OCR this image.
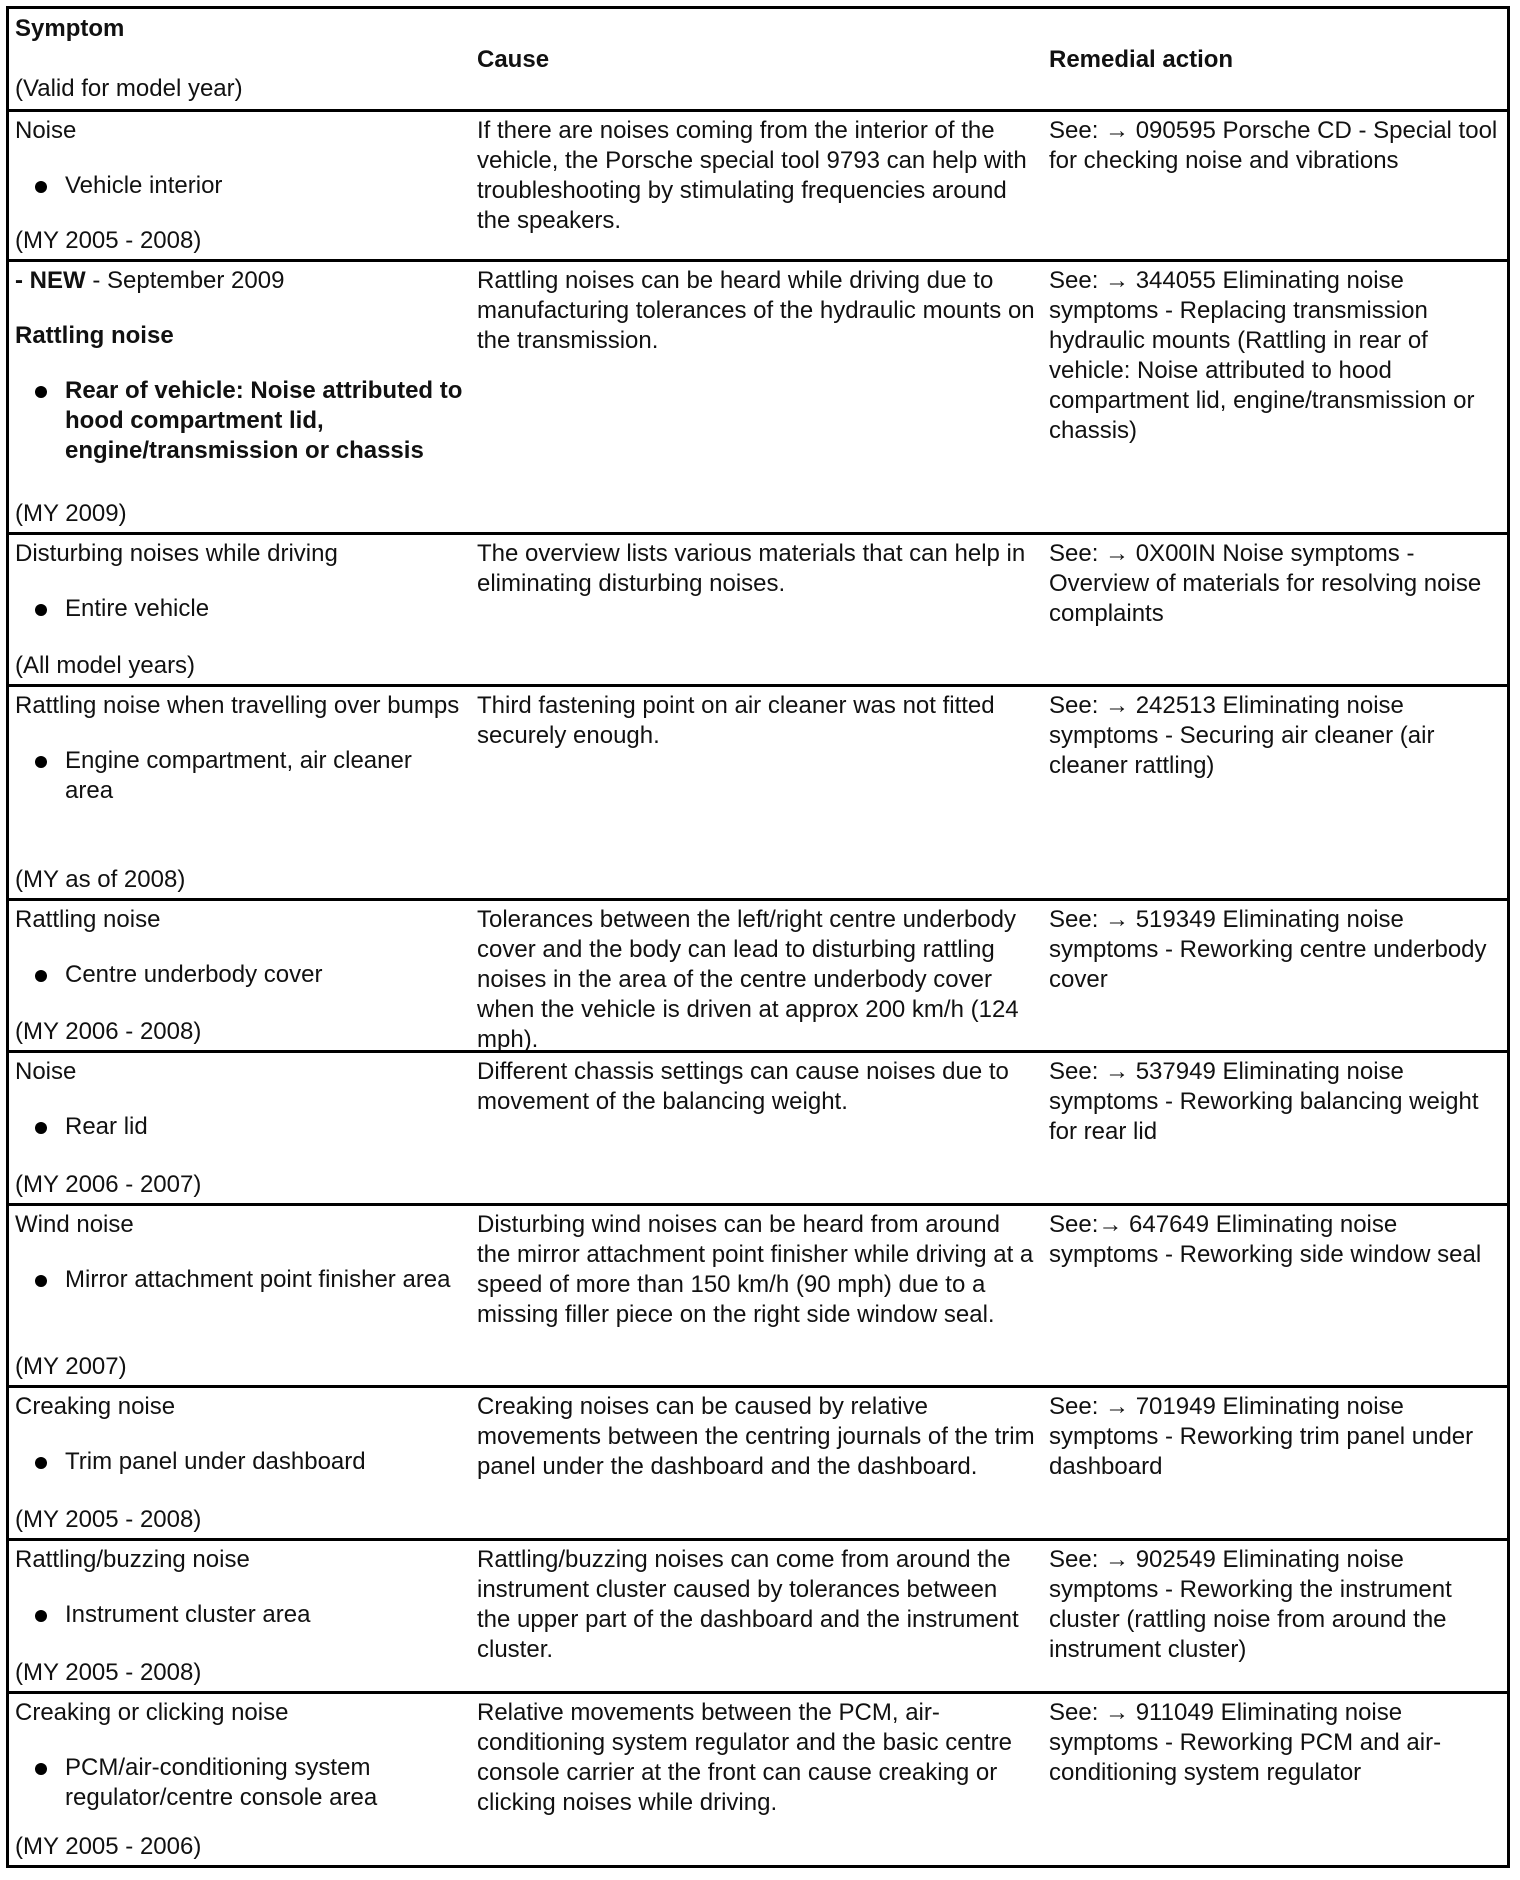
Symptom
(Valid for model year)
Cause	Remedial action
Noise
Vehicle interior
(MY 2005 - 2008)
If there are noises coming from the interior of the vehicle, the Porsche special tool 9793 can help with troubleshooting by stimulating frequencies around the speakers.
See: → 090595 Porsche CD - Special tool for checking noise and vibrations
- NEW - September 2009
Rattling noise
Rear of vehicle: Noise attributed to hood compartment lid, engine/transmission or chassis
(MY 2009)
Rattling noises can be heard while driving due to manufacturing tolerances of the hydraulic mounts on the transmission.
See: → 344055 Eliminating noise symptoms - Replacing transmission hydraulic mounts (Rattling in rear of vehicle: Noise attributed to hood compartment lid, engine/transmission or chassis)
Disturbing noises while driving
Entire vehicle
(All model years)
The overview lists various materials that can help in eliminating disturbing noises.
See: → 0X00IN Noise symptoms - Overview of materials for resolving noise complaints
Rattling noise when travelling over bumps
Engine compartment, air cleaner area
(MY as of 2008)
Third fastening point on air cleaner was not fitted securely enough.
See: → 242513 Eliminating noise symptoms - Securing air cleaner (air cleaner rattling)
Rattling noise
Centre underbody cover
(MY 2006 - 2008)
Tolerances between the left/right centre underbody cover and the body can lead to disturbing rattling noises in the area of the centre underbody cover when the vehicle is driven at approx 200 km/h (124 mph).
See: → 519349 Eliminating noise symptoms - Reworking centre underbody cover
Noise
Rear lid
(MY 2006 - 2007)
Different chassis settings can cause noises due to movement of the balancing weight.
See: → 537949 Eliminating noise symptoms - Reworking balancing weight for rear lid
Wind noise
Mirror attachment point finisher area
(MY 2007)
Disturbing wind noises can be heard from around the mirror attachment point finisher while driving at a speed of more than 150 km/h (90 mph) due to a missing filler piece on the right side window seal.
See:→ 647649 Eliminating noise symptoms - Reworking side window seal
Creaking noise
Trim panel under dashboard
(MY 2005 - 2008)
Creaking noises can be caused by relative movements between the centring journals of the trim panel under the dashboard and the dashboard.
See: → 701949 Eliminating noise symptoms - Reworking trim panel under dashboard
Rattling/buzzing noise
Instrument cluster area
(MY 2005 - 2008)
Rattling/buzzing noises can come from around the instrument cluster caused by tolerances between the upper part of the dashboard and the instrument cluster.
See: → 902549 Eliminating noise symptoms - Reworking the instrument cluster (rattling noise from around the instrument cluster)
Creaking or clicking noise
PCM/air-conditioning system regulator/centre console area
(MY 2005 - 2006)
Relative movements between the PCM, air-conditioning system regulator and the basic centre console carrier at the front can cause creaking or clicking noises while driving.
See: → 911049 Eliminating noise symptoms - Reworking PCM and air-conditioning system regulator
